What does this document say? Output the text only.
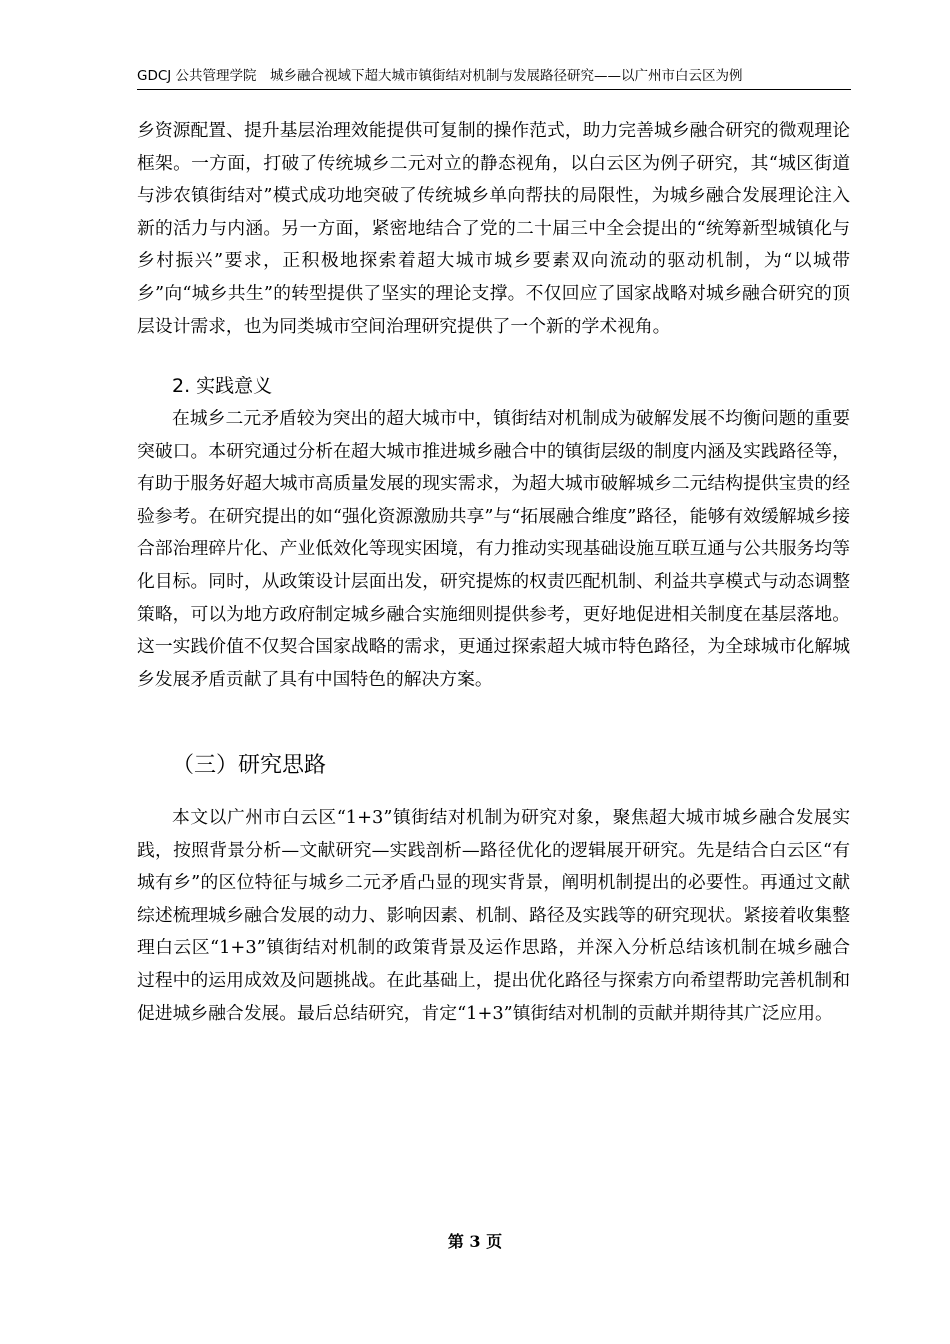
GDCJ 公共管理学院　城乡融合视域下超大城市镇街结对机制与发展路径研究——以广州市白云区为例

乡资源配置、提升基层治理效能提供可复制的操作范式，助力完善城乡融合研究的微观理论框架。一方面，打破了传统城乡二元对立的静态视角，以白云区为例子研究，其“城区街道与涉农镇街结对”模式成功地突破了传统城乡单向帮扶的局限性，为城乡融合发展理论注入新的活力与内涵。另一方面，紧密地结合了党的二十届三中全会提出的“统筹新型城镇化与乡村振兴”要求，正积极地探索着超大城市城乡要素双向流动的驱动机制，为“以城带乡”向“城乡共生”的转型提供了坚实的理论支撑。不仅回应了国家战略对城乡融合研究的顶层设计需求，也为同类城市空间治理研究提供了一个新的学术视角。

2. 实践意义

在城乡二元矛盾较为突出的超大城市中，镇街结对机制成为破解发展不均衡问题的重要突破口。本研究通过分析在超大城市推进城乡融合中的镇街层级的制度内涵及实践路径等，有助于服务好超大城市高质量发展的现实需求，为超大城市破解城乡二元结构提供宝贵的经验参考。在研究提出的如“强化资源激励共享”与“拓展融合维度”路径，能够有效缓解城乡接合部治理碎片化、产业低效化等现实困境，有力推动实现基础设施互联互通与公共服务均等化目标。同时，从政策设计层面出发，研究提炼的权责匹配机制、利益共享模式与动态调整策略，可以为地方政府制定城乡融合实施细则提供参考，更好地促进相关制度在基层落地。这一实践价值不仅契合国家战略的需求，更通过探索超大城市特色路径，为全球城市化解城乡发展矛盾贡献了具有中国特色的解决方案。

（三）研究思路

本文以广州市白云区“1+3”镇街结对机制为研究对象，聚焦超大城市城乡融合发展实践，按照背景分析—文献研究—实践剖析—路径优化的逻辑展开研究。先是结合白云区“有城有乡”的区位特征与城乡二元矛盾凸显的现实背景，阐明机制提出的必要性。再通过文献综述梳理城乡融合发展的动力、影响因素、机制、路径及实践等的研究现状。紧接着收集整理白云区“1+3”镇街结对机制的政策背景及运作思路，并深入分析总结该机制在城乡融合过程中的运用成效及问题挑战。在此基础上，提出优化路径与探索方向希望帮助完善机制和促进城乡融合发展。最后总结研究，肯定“1+3”镇街结对机制的贡献并期待其广泛应用。

第 3 页
